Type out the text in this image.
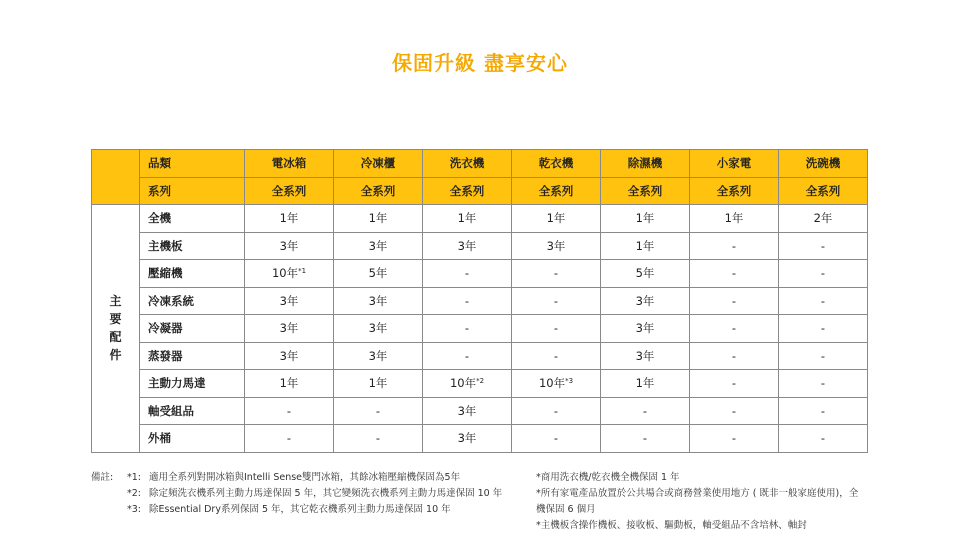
保固升級 盡享安心
	品類	電冰箱	冷凍櫃	洗衣機	乾衣機	除濕機	小家電	洗碗機
	系列	全系列	全系列	全系列	全系列	全系列	全系列	全系列
主
要
配
件	全機	1年	1年	1年	1年	1年	1年	2年
	主機板	3年	3年	3年	3年	1年	-	-
	壓縮機	10年$^{*1}$	5年	-	-	5年	-	-
	冷凍系統	3年	3年	-	-	3年	-	-
	冷凝器	3年	3年	-	-	3年	-	-
	蒸發器	3年	3年	-	-	3年	-	-
	主動力馬達	1年	1年	10年$^{*2}$	10年$^{*3}$	1年	-	-
	軸受組品	-	-	3年	-	-	-	-
	外桶	-	-	3年	-	-	-	-
備註:	*1: 適用全系列對開冰箱與Intelli Sense雙門冰箱，其餘冰箱壓縮機保固為5年
*2: 除定頻洗衣機系列主動力馬達保固 5 年，其它變頻洗衣機系列主動力馬達保固 10 年
*3: 除Essential Dry系列保固 5 年，其它乾衣機系列主動力馬達保固 10 年
*商用洗衣機/乾衣機全機保固 1 年
*所有家電產品放置於公共場合或商務營業使用地方 ( 既非一般家庭使用)，全機保固 6 個月
*主機板含操作機板、接收板、驅動板，軸受組品不含培林、軸封
